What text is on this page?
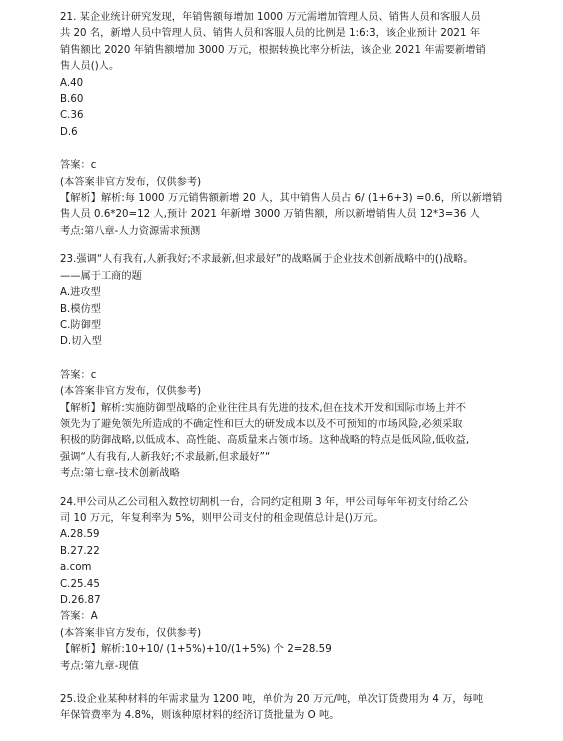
21. 某企业统计研究发现，年销售额每增加 1000 万元需增加管理人员、销售人员和客服人员
共 20 名，新增人员中管理人员、销售人员和客服人员的比例是 1:6:3，该企业预计 2021 年
销售额比 2020 年销售额增加 3000 万元，根据转换比率分析法，该企业 2021 年需要新增销
售人员()人。
A.40
B.60
C.36
D.6
答案：c
(本答案非官方发布，仅供参考)
【解析】解析:每 1000 万元销售额新增 20 人，其中销售人员占 6/ (1+6+3) =0.6，所以新增销
售人员 0.6*20=12 人,预计 2021 年新增 3000 万销售额，所以新增销售人员 12*3=36 人
考点:第八章-人力资源需求预测
23.强调“人有我有,人新我好;不求最新,但求最好”的战略属于企业技术创新战略中的()战略。
——属于工商的题
A.进攻型
B.模仿型
C.防御型
D.切入型
答案：c
(本答案非官方发布，仅供参考)
【解析】解析:实施防御型战略的企业往往具有先进的技术,但在技术开发和国际市场上并不
领先为了避免领先所造成的不确定性和巨大的研发成本以及不可预知的市场风险,必须采取
积极的防御战略,以低成本、高性能、高质量来占领市场。这种战略的特点是低风险,低收益,
强调“人有我有,人新我好;不求最新,但求最好”“
考点:第七章-技术创新战略
24.甲公司从乙公司租入数控切割机一台，合同约定租期 3 年，甲公司每年年初支付给乙公
司 10 万元，年复利率为 5%，则甲公司支付的租金现值总计是()万元。
A.28.59
B.27.22
a.com
C.25.45
D.26.87
答案：A
(本答案非官方发布，仅供参考)
【解析】解析:10+10/ (1+5%)+10/(1+5%) 个 2=28.59
考点:第九章-现值
25.设企业某种材料的年需求量为 1200 吨，单价为 20 万元/吨，单次订货费用为 4 万，每吨
年保管费率为 4.8%，则该种原材料的经济订货批量为 O 吨。
